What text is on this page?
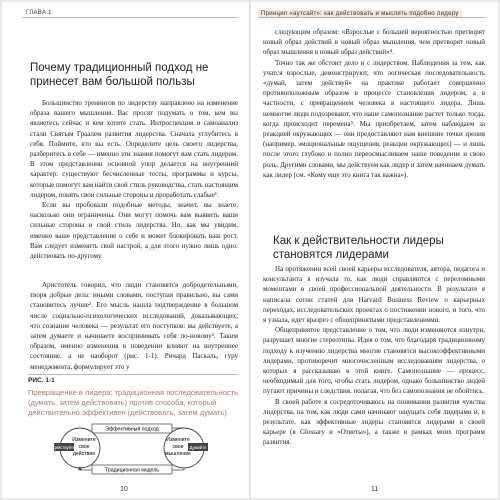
ГЛАВА 1
Почему традиционный подход не принесет вам большой пользы

Большинство тренингов по лидерству направлено на изменение образа вашего мышления. Вас просят подумать о том, кем вы являетесь сейчас и кем хотите стать. Интроспекция и самоанализ стали Святым Граалем развития лидерства. Сначала углубитесь в себя. Поймите, кто вы есть. Определите цель своего лидерства, разберитесь в себе — именно эти знания помогут вам стать лидером. В этом представлении основной упор делается на внутренний характер: существуют бесчисленные тесты, программы и курсы, которые помогут вам найти свой стиль руководства, стать настоящим лидером, понять свои сильные стороны и проработать слабые¹.

Если вы пробовали подобные методы, значит, вы знаете, насколько они ограничены. Они могут помочь вам выявить ваши сильные стороны и свой стиль лидерства. Но, как мы увидим, именно ваше представление о себе и может блокировать ваш рост. Вам следует изменить свой настрой, а для этого нужно лишь одно: действовать по-другому.

Аристотель говорил, что люди становятся добродетельными, творя добрые дела: иными словами, поступая правильно, вы сами становитесь лучше². Его мысль нашла подтверждение в большом числе социально-психологических исследований, доказывающих, что сознание человека — результат его поступков: вы действуете, а затем думаете и начинаете воспринимать себя по-новому³. Таким образом, именно изменения в поведении влияют на внутреннее состояние, а не наоборот (рис. 1-1). Ричард Паскаль, гуру менеджмента, формулирует это у

РИС. 1-1
Превращение в лидера: традиционная последовательность (думать, затем действовать) против способа, который действительно эффективен (действовать, затем думать)
Эффективный подход
Действуйте
Измените
свое
действие
Думайте
Измените
свое
мышление
Традиционная модель
10
Принцип «аутсайт»: как действовать и мыслить подобно лидеру

следующим образом: «Взрослые с большей вероятностью претворят новый образ действий в новый образ мышления, чем претворят новый образ мышления в новый образ действий»⁴.

Точно так же обстоит дело и с лидерством. Наблюдения за тем, как учатся взрослые, демонстрируют, что логическая последовательность «думай, затем действуй» на практике работает совершенно противоположным образом в процессе становления лидером, а в частности, с превращением человека в настоящего лидера. Лишь немногие люди подозревают, что наше самопознание растет только тогда, когда происходит перемена⁵. Мы приобретаем, затем наблюдаем за реакцией окружающих — они предоставляют нам внешние точки зрения (например, эмоциональные ощущения, реакции окружающих) — и лишь после этого глубоко и полно переосмысливаем наше поведение и свою роль. Другими словами, мы действуем как лидер и затем начинаем думать как лидер (см. «Кому еще это книга так важна»).

Как к действительности лидеры становятся лидерами

На протяжении всей своей карьеры исследователя, автора, педагога и консультанта я изучала то, как люди справляются с переломными моментами в своей профессиональной деятельности. В результате я написала сотни статей для Harvard Business Review о карьерных переходах, исследовательских проектах о постижении нового, и того, что я узнала, идет вразрез с общепринятыми представлениями.

Общепринятое представление о том, что люди изменяются изнутри, разрушает многие стереотипы. Идея о том, что благодаря традиционному подходу к изучению лидерства многие становятся высокоэффективными лидерами, противоречит многочисленным исследованиям лидерства, о которых я рассказываю в этой книге. Самопознание — процесс, необходимый для того, чтобы стать лидером, однако большинство людей путают причины и следствия, полагая, что без самопознания не обойтись.

В своей работе я сосредоточиваюсь на понимании развития чувства лидерства, на том, как люди сами начинают ощущать себя лидерами и, в результате, как эффективные лидеры становятся лидерами в своей карьере (в Glossary и «Ответы»), а также в рамках моих программ развития.

11
